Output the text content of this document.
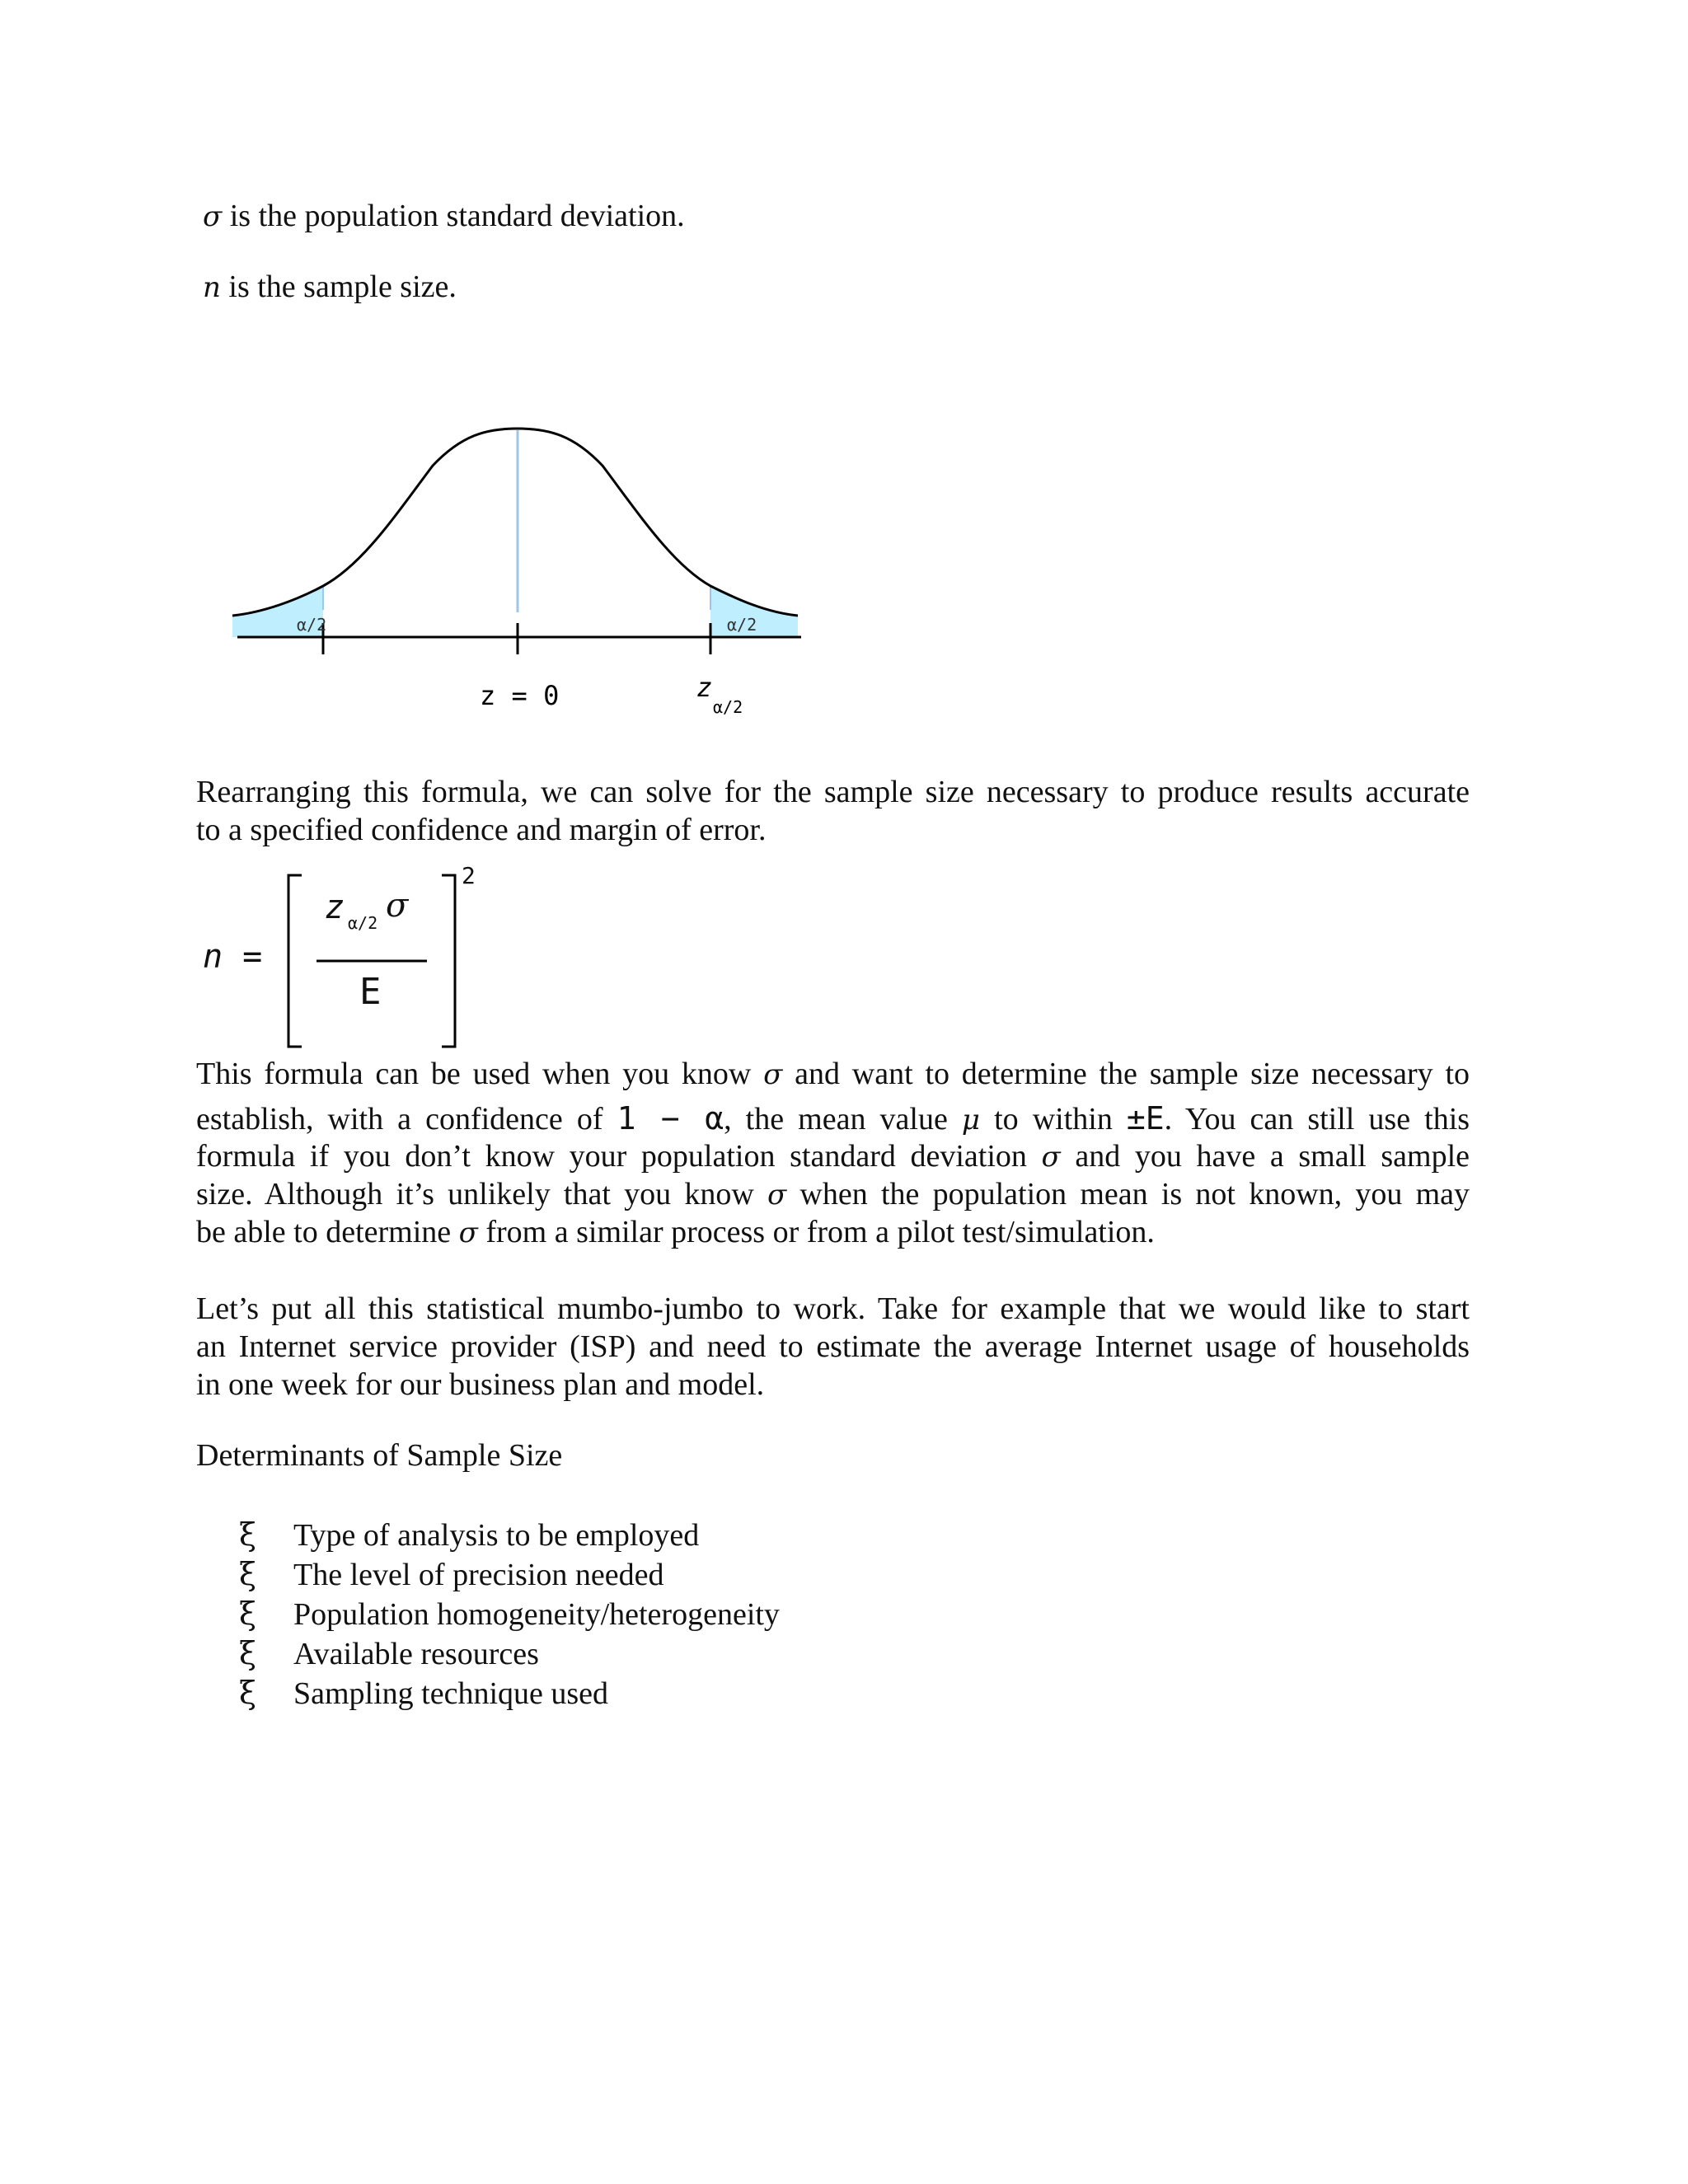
σ is the population standard deviation.
n is the sample size.
α/2	α/2
z = 0	z
α/2
Rearranging this formula, we can solve for the sample size necessary to produce results accurate
to a specified confidence and margin of error.
n =
z α/2 σ
E
2
This formula can be used when you know σ and want to determine the sample size necessary to
establish, with a confidence of 1 − α, the mean value μ to within ±E. You can still use this
formula if you don’t know your population standard deviation σ and you have a small sample
size. Although it’s unlikely that you know σ when the population mean is not known, you may
be able to determine σ from a similar process or from a pilot test/simulation.
Let’s put all this statistical mumbo-jumbo to work. Take for example that we would like to start
an Internet service provider (ISP) and need to estimate the average Internet usage of households
in one week for our business plan and model.
Determinants of Sample Size
ξ Type of analysis to be employed
ξ The level of precision needed
ξ Population homogeneity/heterogeneity
ξ Available resources
ξ Sampling technique used
